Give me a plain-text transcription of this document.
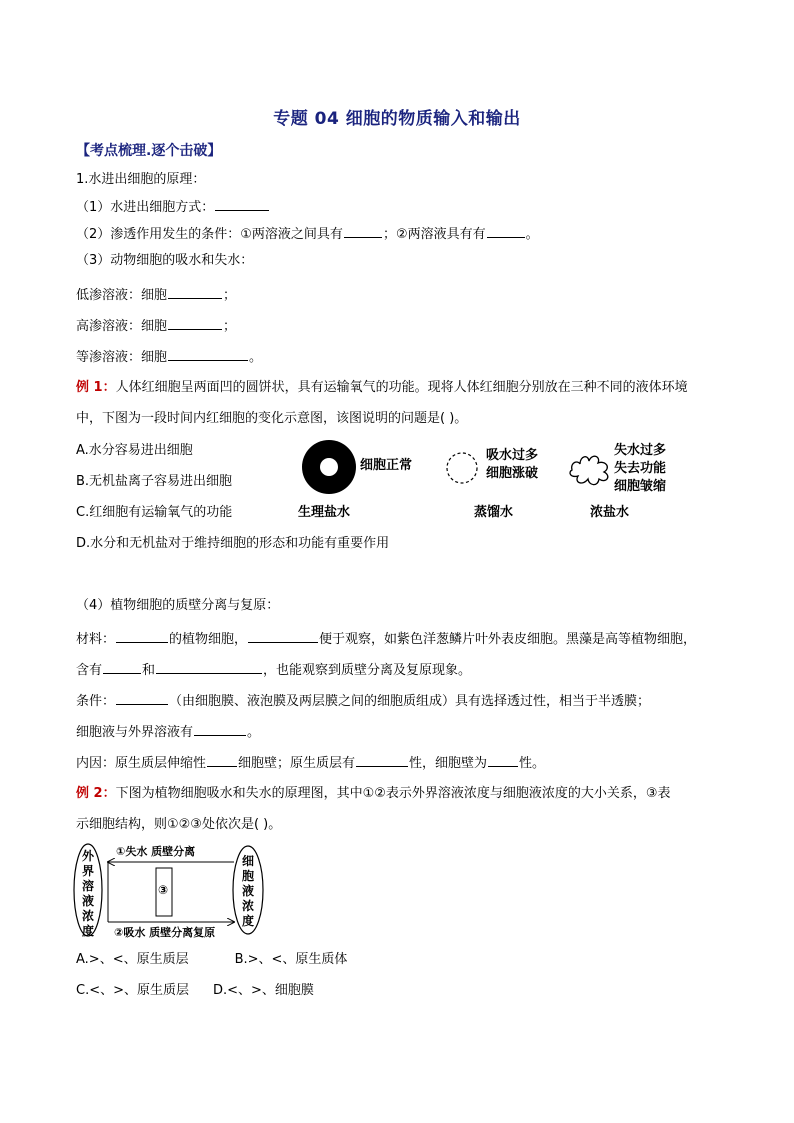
专题 04 细胞的物质输入和输出
【考点梳理.逐个击破】
1.水进出细胞的原理：
（1）水进出细胞方式：
（2）渗透作用发生的条件：①两溶液之间具有	；②两溶液具有有	。
（3）动物细胞的吸水和失水：
低渗溶液：细胞	；
高渗溶液：细胞	；
等渗溶液：细胞	。
例 1：人体红细胞呈两面凹的圆饼状，具有运输氧气的功能。现将人体红细胞分别放在三种不同的液体环境
中，下图为一段时间内红细胞的变化示意图，该图说明的问题是( )。
A.水分容易进出细胞
B.无机盐离子容易进出细胞
C.红细胞有运输氧气的功能
D.水分和无机盐对于维持细胞的形态和功能有重要作用
细胞正常
吸水过多
细胞涨破
失水过多
失去功能
细胞皱缩
生理盐水	蒸馏水	浓盐水
（4）植物细胞的质壁分离与复原：
材料：	的植物细胞，	便于观察，如紫色洋葱鳞片叶外表皮细胞。黑藻是高等植物细胞，
含有	和	，也能观察到质壁分离及复原现象。
条件：	（由细胞膜、液泡膜及两层膜之间的细胞质组成）具有选择透过性，相当于半透膜；
细胞液与外界溶液有	。
内因：原生质层伸缩性 细胞壁；原生质层有	性，细胞壁为 性。
例 2：下图为植物细胞吸水和失水的原理图，其中①②表示外界溶液浓度与细胞液浓度的大小关系，③表
示细胞结构，则①②③处依次是( )。
外
界
溶
液
浓
度
细
胞
液
浓
度
①失水 质壁分离
②吸水 质壁分离复原
③
A.>、<、原生质层	B.>、<、原生质体
C.<、>、原生质层 D.<、>、细胞膜
